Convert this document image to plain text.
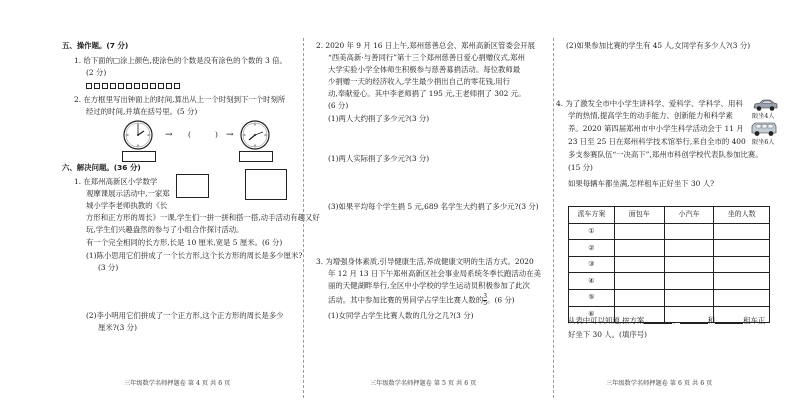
五、操作题。(7 分)
1. 给下面的□涂上颜色,使涂色的个数是没有涂色的个数的 3 倍。
(2 分)
2. 在方框里写出钟面上的时间,算出从上一个时刻到下一个时刻所
经过的时间,并填在括号里。(5 分)
→ (	) →
六、解决问题。(36 分)
1. 在郑州高新区小学数学
观摩课展示活动中,一家郑
城小学李老师执教的《长
方形和正方形的周长》一课,学生们一拼一拼和搭一搭,动手活动有趣又好
玩,学生们兴趣盎然的参与了小组合作探讨活动。
有一个完全相同的长方形,长是 10 厘米,宽是 5 厘米。(6 分)
(1)陈小思用它们拼成了一个长方形,这个长方形的周长是多少厘米?
(3 分)
(2)李小明用它们拼成了一个正方形,这个正方形的周长是多少
厘米?(3 分)
三年级数学名师押题卷 第 4 页 共 6 页
2. 2020 年 9 月 16 日上午,郑州慈善总会、郑州高新区管委会开展
“西美高新·与善同行”第十三个郑州慈善日爱心捐赠仪式,郑州
大学实验小学全体师生积极参与慈善募捐活动。每位教师最
少捐赠一天的经济收入,学生最少捐出自己的零花钱,用行
动,奉献爱心。其中李老师捐了 195 元,王老师捐了 302 元。
(6 分)
(1)两人大约捐了多少元?(3 分)
(1)两人实际捐了多少元?(3 分)
(3)如果平均每个学生捐 5 元,689 名学生大约捐了多少元?(3 分)
3. 为增强身体素质,引导健康生活,养成健康文明的生活方式。2020
年 12 月 13 日下午郑州高新区社会事业局系统冬季长跑活动在美
丽的天健湖畔举行,全区中小学校的学生运动员积极参加了此次
活动。其中参加比赛的男同学占学生比赛人数的 $\frac{3}{5}$ 。(6 分)
(1)女同学占学生比赛人数的几分之几?(3 分)
三年级数学名师押题卷 第 5 页 共 6 页
(2)如果参加比赛的学生有 45 人,女同学有多少人?(3 分)
4. 为了激发全市中小学生讲科学、爱科学、学科学、用科
学的热情,提高学生的动手能力、创新能力和科学素
养。2020 第四届郑州市中小学生科学活动会于 11 月
23 日至 25 日在郑州科学技术馆举行,来自全市的 400
多支参赛队伍“一决高下”,郑州市科创学校代表队参加比赛。
(15 分)
如果每辆车都坐满,怎样租车正好坐下 30 人?
限坐4人
限坐6人
派车方案	面包车	小汽车	坐的人数
①			
②			
③			
④			
⑤			
⑥			
从表中可以知道,按方案	、	和	租车正
好坐下 30 人。(填序号)
三年级数学名师押题卷 第 6 页 共 6 页
